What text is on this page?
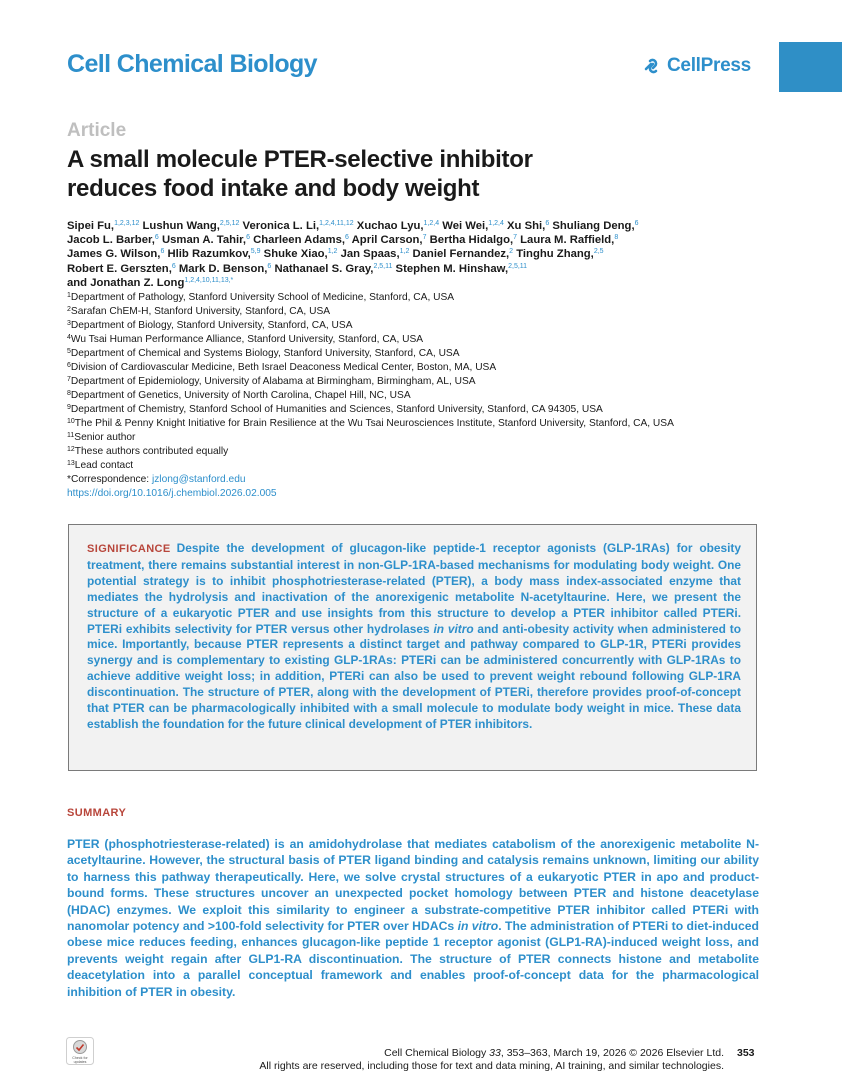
Cell Chemical Biology	CellPress
Article
A small molecule PTER-selective inhibitor
reduces food intake and body weight
Sipei Fu,$^{1,2,3,12}$ Lushun Wang,$^{2,5,12}$ Veronica L. Li,$^{1,2,4,11,12}$ Xuchao Lyu,$^{1,2,4}$ Wei Wei,$^{1,2,4}$ Xu Shi,$^6$ Shuliang Deng,$^6$
Jacob L. Barber,$^6$ Usman A. Tahir,$^6$ Charleen Adams,$^6$ April Carson,$^7$ Bertha Hidalgo,$^7$ Laura M. Raffield,$^8$
James G. Wilson,$^6$ Hlib Razumkov,$^{5,9}$ Shuke Xiao,$^{1,2}$ Jan Spaas,$^{1,2}$ Daniel Fernandez,$^2$ Tinghu Zhang,$^{2,5}$
Robert E. Gerszten,$^6$ Mark D. Benson,$^6$ Nathanael S. Gray,$^{2,5,11}$ Stephen M. Hinshaw,$^{2,5,11}$
and Jonathan Z. Long$^{1,2,4,10,11,13,*}$
$^1$Department of Pathology, Stanford University School of Medicine, Stanford, CA, USA
$^2$Sarafan ChEM-H, Stanford University, Stanford, CA, USA
$^3$Department of Biology, Stanford University, Stanford, CA, USA
$^4$Wu Tsai Human Performance Alliance, Stanford University, Stanford, CA, USA
$^5$Department of Chemical and Systems Biology, Stanford University, Stanford, CA, USA
$^6$Division of Cardiovascular Medicine, Beth Israel Deaconess Medical Center, Boston, MA, USA
$^7$Department of Epidemiology, University of Alabama at Birmingham, Birmingham, AL, USA
$^8$Department of Genetics, University of North Carolina, Chapel Hill, NC, USA
$^9$Department of Chemistry, Stanford School of Humanities and Sciences, Stanford University, Stanford, CA 94305, USA
$^{10}$The Phil & Penny Knight Initiative for Brain Resilience at the Wu Tsai Neurosciences Institute, Stanford University, Stanford, CA, USA
$^{11}$Senior author
$^{12}$These authors contributed equally
$^{13}$Lead contact
*Correspondence: jzlong@stanford.edu
https://doi.org/10.1016/j.chembiol.2026.02.005

SIGNIFICANCE Despite the development of glucagon-like peptide-1 receptor agonists (GLP-1RAs) for obesity treatment, there remains substantial interest in non-GLP-1RA-based mechanisms for modulating body weight. One potential strategy is to inhibit phosphotriesterase-related (PTER), a body mass index-associated enzyme that mediates the hydrolysis and inactivation of the anorexigenic metabolite N-acetyltaurine. Here, we present the structure of a eukaryotic PTER and use insights from this structure to develop a PTER inhibitor called PTERi. PTERi exhibits selectivity for PTER versus other hydrolases in vitro and anti-obesity activity when administered to mice. Importantly, because PTER represents a distinct target and pathway compared to GLP-1R, PTERi provides synergy and is complementary to existing GLP-1RAs: PTERi can be administered concurrently with GLP-1RAs to achieve additive weight loss; in addition, PTERi can also be used to prevent weight rebound following GLP-1RA discontinuation. The structure of PTER, along with the development of PTERi, therefore provides proof-of-concept that PTER can be pharmacologically inhibited with a small molecule to modulate body weight in mice. These data establish the foundation for the future clinical development of PTER inhibitors.

SUMMARY

PTER (phosphotriesterase-related) is an amidohydrolase that mediates catabolism of the anorexigenic metabolite N-acetyltaurine. However, the structural basis of PTER ligand binding and catalysis remains unknown, limiting our ability to harness this pathway therapeutically. Here, we solve crystal structures of a eukaryotic PTER in apo and product-bound forms. These structures uncover an unexpected pocket homology between PTER and histone deacetylase (HDAC) enzymes. We exploit this similarity to engineer a substrate-competitive PTER inhibitor called PTERi with nanomolar potency and >100-fold selectivity for PTER over HDACs in vitro. The administration of PTERi to diet-induced obese mice reduces feeding, enhances glucagon-like peptide 1 receptor agonist (GLP1-RA)-induced weight loss, and prevents weight regain after GLP1-RA discontinuation. The structure of PTER connects histone and metabolite deacetylation into a parallel conceptual framework and enables proof-of-concept data for the pharmacological inhibition of PTER in obesity.

Check for
updates
Cell Chemical Biology 33, 353–363, March 19, 2026 © 2026 Elsevier Ltd. 353
All rights are reserved, including those for text and data mining, AI training, and similar technologies.
